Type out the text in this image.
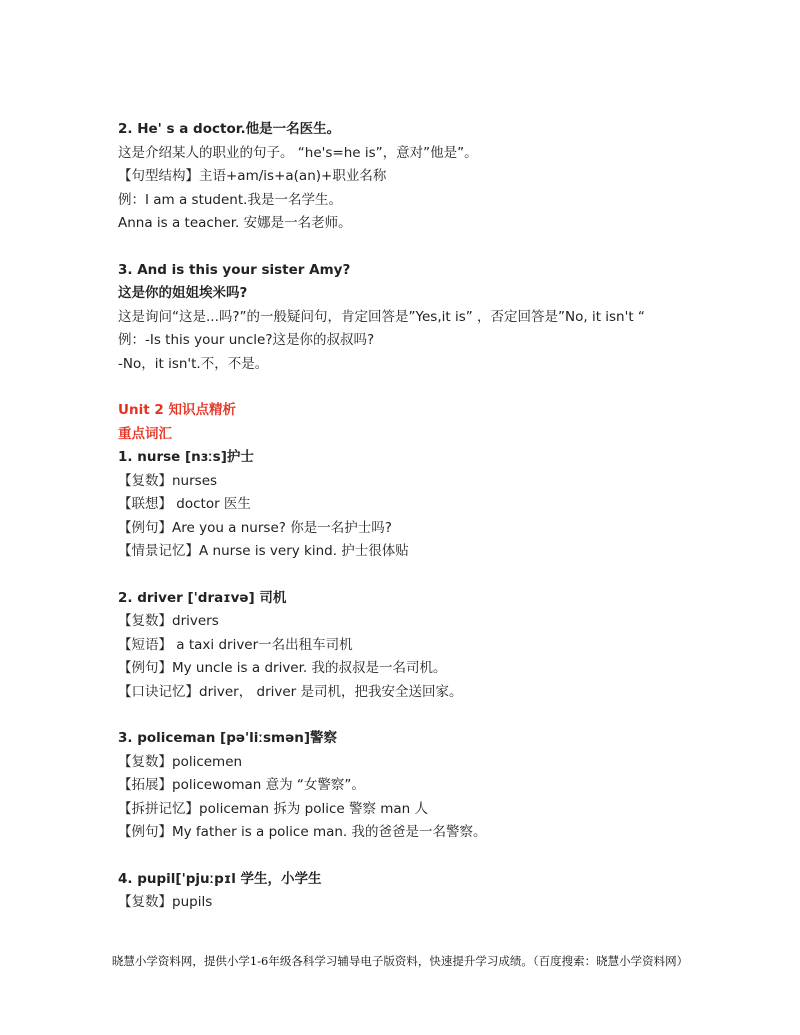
2. He' s a doctor.他是一名医生。
这是介绍某人的职业的句子。 “he's=he is”，意对”他是”。
【句型结构】主语+am/is+a(an)+职业名称
例：I am a student.我是一名学生。
Anna is a teacher. 安娜是一名老师。
3. And is this your sister Amy?
这是你的姐姐埃米吗?
这是询问“这是...吗?”的一般疑问句，肯定回答是”Yes,it is” ，否定回答是”No, it isn't “
例：-Is this your uncle?这是你的叔叔吗?
-No，it isn't.不，不是。
Unit 2 知识点精析
重点词汇
1. nurse [nɜːs]护士
【复数】nurses
【联想】 doctor 医生
【例句】Are you a nurse? 你是一名护士吗?
【情景记忆】A nurse is very kind. 护士很体贴
2. driver ['draɪvə] 司机
【复数】drivers
【短语】 a taxi driver一名出租车司机
【例句】My uncle is a driver. 我的叔叔是一名司机。
【口诀记忆】driver， driver 是司机，把我安全送回家。
3. policeman [pə'liːsmən]警察
【复数】policemen
【拓展】policewoman 意为 “女警察”。
【拆拼记忆】policeman 拆为 police 警察 man 人
【例句】My father is a police man. 我的爸爸是一名警察。
4. pupil['pjuːpɪl 学生，小学生
【复数】pupils
晓慧小学资料网，提供小学1-6年级各科学习辅导电子版资料，快速提升学习成绩。（百度搜索：晓慧小学资料网）
